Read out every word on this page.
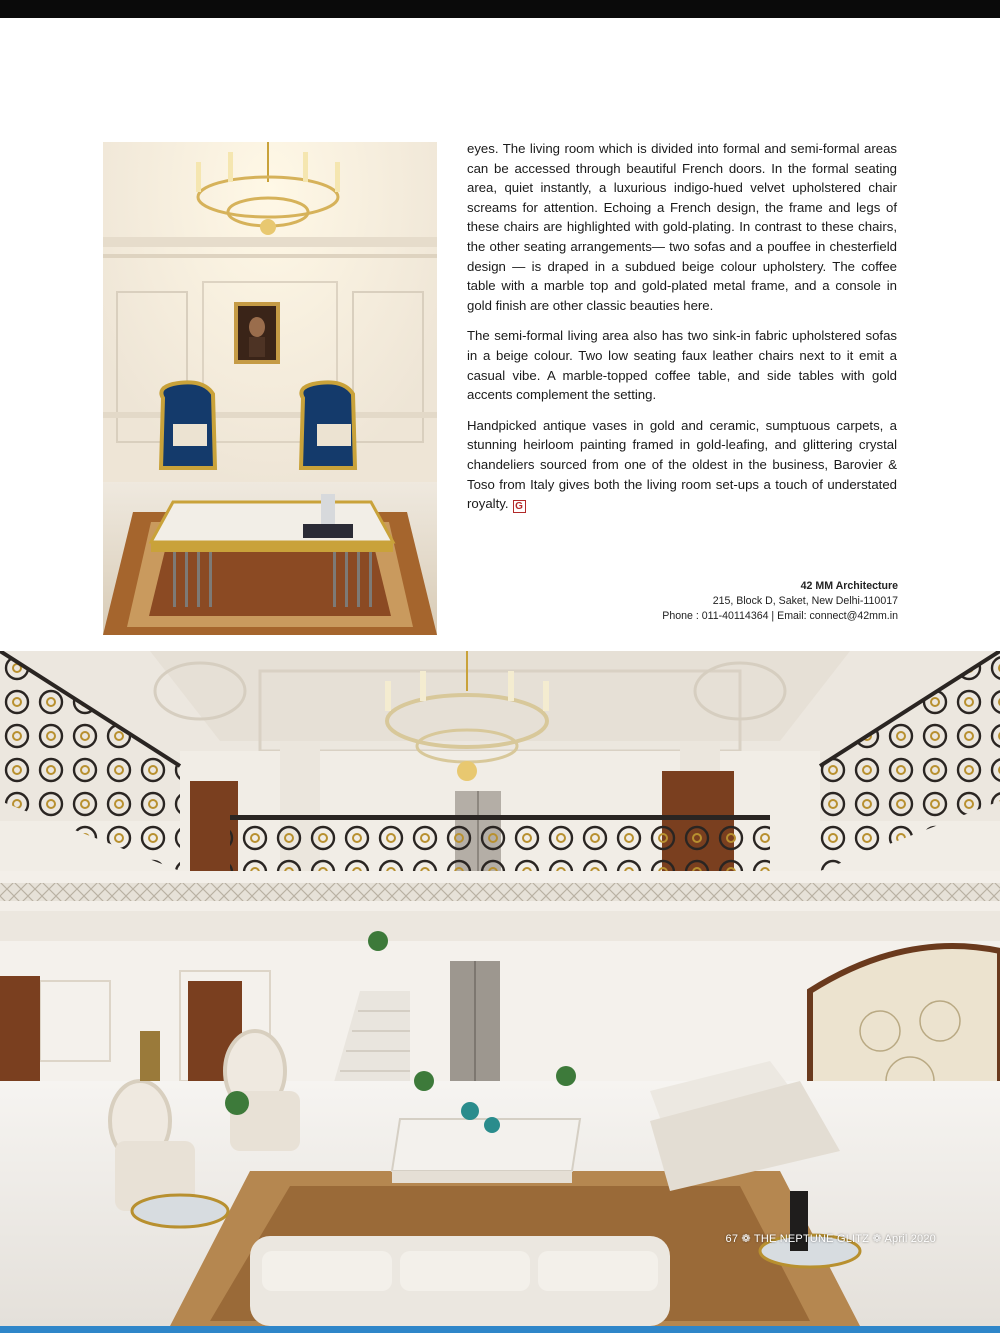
eyes. The living room which is divided into formal and semi-formal areas can be accessed through beautiful French doors. In the formal seating area, quiet instantly, a luxurious indigo-hued velvet upholstered chair screams for attention. Echoing a French design, the frame and legs of these chairs are highlighted with gold-plating. In contrast to these chairs, the other seating arrangements— two sofas and a pouffee in chesterfield design — is draped in a subdued beige colour upholstery. The coffee table with a marble top and gold-plated metal frame, and a console in gold finish are other classic beauties here.

The semi-formal living area also has two sink-in fabric upholstered sofas in a beige colour. Two low seating faux leather chairs next to it emit a casual vibe. A marble-topped coffee table, and side tables with gold accents complement the setting.

Handpicked antique vases in gold and ceramic, sumptuous carpets, a stunning heirloom painting framed in gold-leafing, and glittering crystal chandeliers sourced from one of the oldest in the business, Barovier & Toso from Italy gives both the living room set-ups a touch of understated royalty. G

42 MM Architecture
215, Block D, Saket, New Delhi-110017
Phone : 011-40114364 | Email: connect@42mm.in
67 ❁ THE NEPTUNE GLITZ ❁ April 2020
